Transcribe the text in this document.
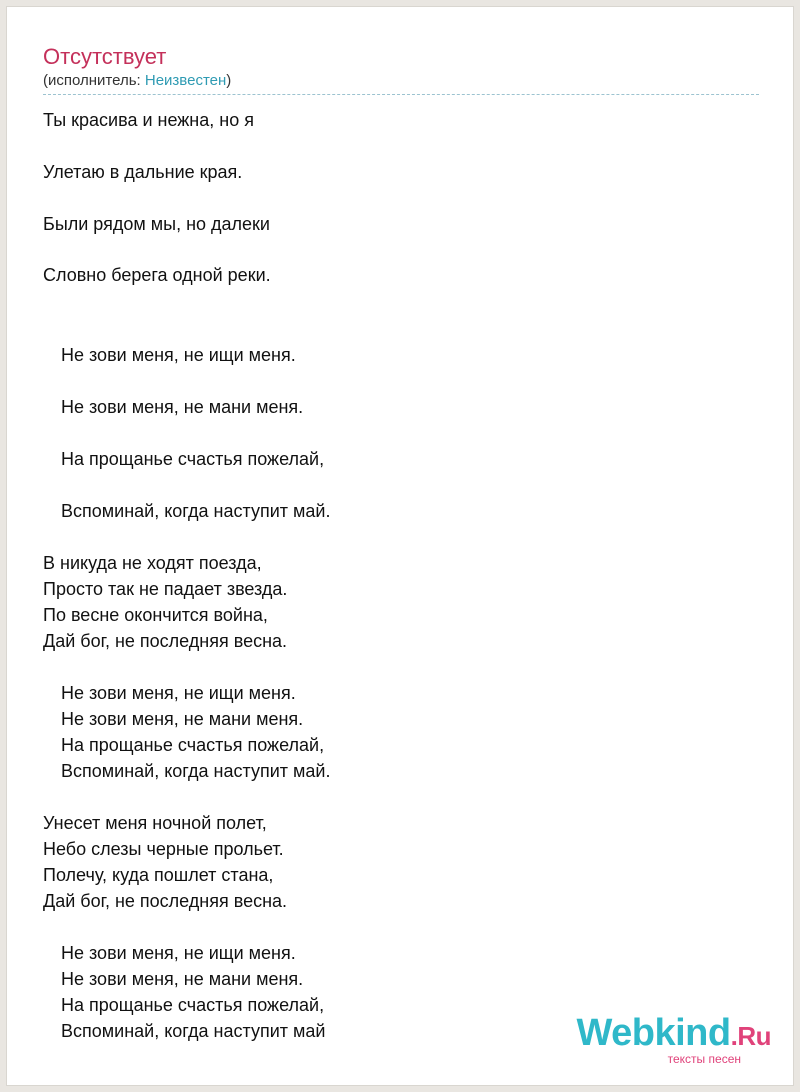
Отсутствует
(исполнитель: Неизвестен)
Ты красива и нежна, но я
Улетаю в дальние края.
Были рядом мы, но далеки
Словно берега одной реки.
Не зови меня, не ищи меня.
Не зови меня, не мани меня.
На прощанье счастья пожелай,
Вспоминай, когда наступит май.
В никуда не ходят поезда,
Просто так не падает звезда.
По весне окончится война,
Дай бог, не последняя весна.
Не зови меня, не ищи меня.
Не зови меня, не мани меня.
На прощанье счастья пожелай,
Вспоминай, когда наступит май.
Унесет меня ночной полет,
Небо слезы черные прольет.
Полечу, куда пошлет стана,
Дай бог, не последняя весна.
Не зови меня, не ищи меня.
Не зови меня, не мани меня.
На прощанье счастья пожелай,
Вспоминай, когда наступит май	Webkind.Ru
тексты песен
